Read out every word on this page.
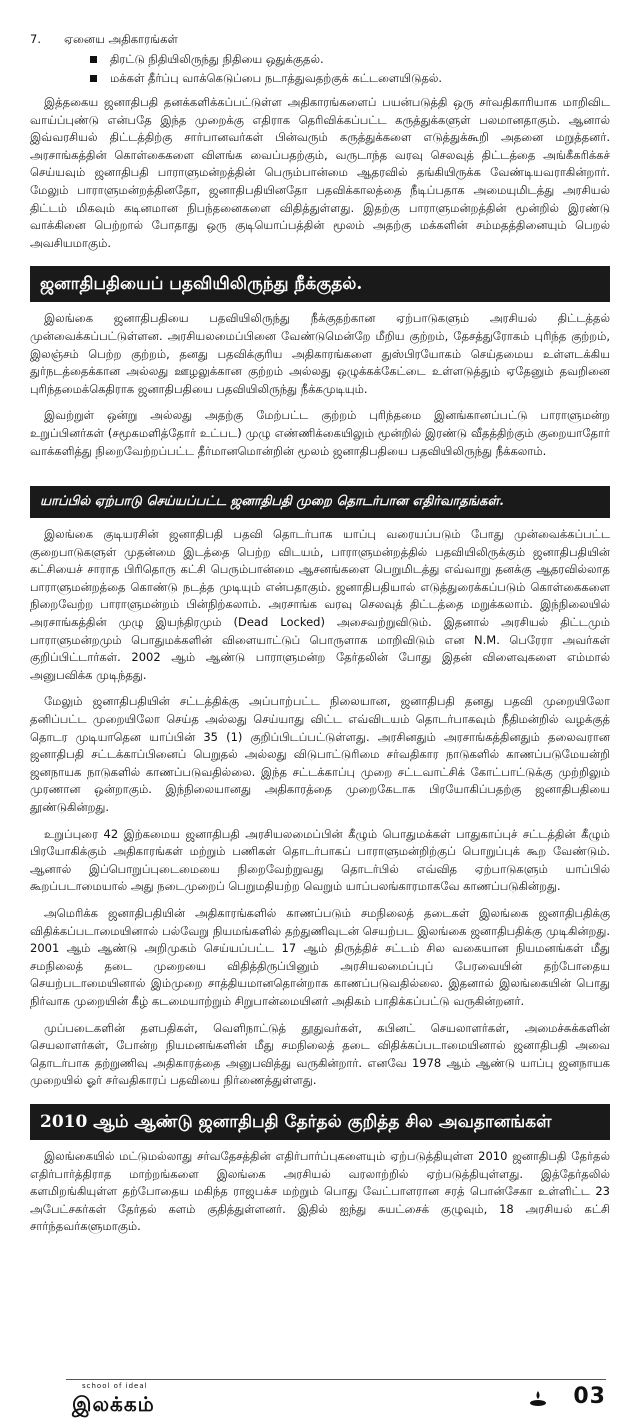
7.	ஏனைய அதிகாரங்கள்
திரட்டு நிதியிலிருந்து நிதியை ஒதுக்குதல்.
மக்கள் தீர்ப்பு வாக்கெடுப்பை நடாத்துவதற்குக் கட்டளையிடுதல்.

இத்தகைய ஜனாதிபதி தனக்களிக்கப்பட்டுள்ள அதிகாரங்களைப் பயன்படுத்தி ஒரு சர்வதிகாரியாக மாறிவிட வாய்ப்புண்டு என்பதே இந்த முறைக்கு எதிராக தெரிவிக்கப்பட்ட கருத்துக்களுள் பலமானதாகும். ஆனால் இவ்வரசியல் திட்டத்திற்கு சார்பானவர்கள் பின்வரும் கருத்துக்களை எடுத்துக்கூறி அதனை மறுத்தனர். அரசாங்கத்தின் கொள்கைகளை விளங்க வைப்பதற்கும், வருடாந்த வரவு செலவுத் திட்டத்தை அங்கீகரிக்கச் செய்யவும் ஜனாதிபதி பாராளுமன்றத்தின் பெரும்பான்மை ஆதரவில் தங்கியிருக்க வேண்டியவராகின்றார். மேலும் பாராளுமன்றத்தினதோ, ஜனாதிபதியினதோ பதவிக்காலத்தை நீடிப்பதாக அமையுமிடத்து அரசியல் திட்டம் மிகவும் கடினமான நிபந்தனைகளை விதித்துள்ளது. இதற்கு பாராளுமன்றத்தின் மூன்றில் இரண்டு வாக்கினை பெற்றால் போதாது ஒரு குடியொப்பத்தின் மூலம் அதற்கு மக்களின் சம்மதத்தினையும் பெறல் அவசியமாகும்.

ஜனாதிபதியைப் பதவியிலிருந்து நீக்குதல்.

இலங்கை ஜனாதிபதியை பதவியிலிருந்து நீக்குதற்கான ஏற்பாடுகளும் அரசியல் திட்டத்தல் முன்வைக்கப்பட்டுள்ளன. அரசியலமைப்பினை வேண்டுமென்றே மீறிய குற்றம், தேசத்துரோகம் புரிந்த குற்றம், இலஞ்சம் பெற்ற குற்றம், தனது பதவிக்குரிய அதிகாரங்களை துஸ்பிரயோகம் செய்தமைய உள்ளடக்கிய துர்நடத்தைக்கான அல்லது ஊழலுக்கான குற்றம் அல்லது ஒழுக்கக்கேட்டை உள்ளடுத்தும் ஏதேனும் தவறினை புரிந்தமைக்கெதிராக ஜனாதிபதியை பதவியிலிருந்து நீக்கமுடியும்.

இவற்றுள் ஒன்று அல்லது அதற்கு மேற்பட்ட குற்றம் புரிந்தமை இனங்கானப்பட்டு பாராளுமன்ற உறுப்பினர்கள் (சமூகமளித்தோர் உட்பட) முழு எண்ணிக்கையிலும் மூன்றில் இரண்டு வீதத்திற்கும் குறையாதோர் வாக்களித்து நிறைவேற்றப்பட்ட தீர்மானமொன்றின் மூலம் ஜனாதிபதியை பதவியிலிருந்து நீக்கலாம்.

யாப்பில் ஏற்பாடு செய்யப்பட்ட ஜனாதிபதி முறை தொடர்பான எதிர்வாதங்கள்.

இலங்கை குடியரசின் ஜனாதிபதி பதவி தொடர்பாக யாப்பு வரையப்படும் போது முன்வைக்கப்பட்ட குறைபாடுகளுள் முதன்மை இடத்தை பெற்ற விடயம், பாராளுமன்றத்தில் பதவியிலிருக்கும் ஜனாதிபதியின் கட்சியைச் சாராத பிரிதொரு கட்சி பெரும்பான்மை ஆசனங்களை பெறுமிடத்து எவ்வாறு தனக்கு ஆதரவில்லாத பாராளுமன்றத்தை கொண்டு நடத்த முடியும் என்பதாகும். ஜனாதிபதியால் எடுத்துரைக்கப்படும் கொள்கைகளை நிறைவேற்ற பாராளுமன்றம் பின்நிற்கலாம். அரசாங்க வரவு செலவுத் திட்டத்தை மறுக்கலாம். இந்நிலையில் அரசாங்கத்தின் முழு இயந்திரமும் (Dead Locked) அசைவற்றுவிடும். இதனால் அரசியல் திட்டமும் பாராளுமன்றமும் பொதுமக்களின் விளையாட்டுப் பொருளாக மாறிவிடும் என N.M. பெரேரா அவர்கள் குறிப்பிட்டார்கள். 2002 ஆம் ஆண்டு பாராளுமன்ற தேர்தலின் போது இதன் விளைவுகளை எம்மால் அனுபவிக்க முடிந்தது.

மேலும் ஜனாதிபதியின் சட்டத்திக்கு அப்பாற்பட்ட நிலையான, ஜனாதிபதி தனது பதவி முறையிலோ தனிப்பட்ட முறையிலோ செய்த அல்லது செய்யாது விட்ட எவ்விடயம் தொடர்பாகவும் நீதிமன்றில் வழக்குத் தொடர முடியாதென யாப்பின் 35 (1) குறிப்பிடப்பட்டுள்ளது. அரசினதும் அரசாங்கத்தினதும் தலைவரான ஜனாதிபதி சட்டக்காப்பினைப் பெறுதல் அல்லது விடுபாட்டுரிமை சர்வதிகார நாடுகளில் காணப்படுமேயன்றி ஜனநாயக நாடுகளில் காணப்படுவதில்லை. இந்த சட்டக்காப்பு முறை சட்டவாட்சிக் கோட்பாட்டுக்கு முற்றிலும் முரணான ஒன்றாகும். இந்நிலையானது அதிகாரத்தை முறைகேடாக பிரயோகிப்பதற்கு ஜனாதிபதியை தூண்டுகின்றது.

உறுப்புரை 42 இற்கமைய ஜனாதிபதி அரசியலமைப்பின் கீழும் பொதுமக்கள் பாதுகாப்புச் சட்டத்தின் கீழும் பிரயோகிக்கும் அதிகாரங்கள் மற்றும் பணிகள் தொடர்பாகப் பாராளுமன்றிற்குப் பொறுப்புக் கூற வேண்டும். ஆனால் இப்பொறுப்புடைமையை நிறைவேற்றுவது தொடர்பில் எவ்வித ஏற்பாடுகளும் யாப்பில் கூறப்படாமையால் அது நடைமுறைப் பெறுமதியற்ற வெறும் யாப்பலங்காரமாகவே காணப்படுகின்றது.

அமெரிக்க ஜனாதிபதியின் அதிகாரங்களில் காணப்படும் சமநிலைத் தடைகள் இலங்கை ஜனாதிபதிக்கு விதிக்கப்படாமையினால் பல்வேறு நியமங்களில் தற்துணிவுடன் செயற்பட இலங்கை ஜனாதிபதிக்கு முடிகின்றது. 2001 ஆம் ஆண்டு அறிமுகம் செய்யப்பட்ட 17 ஆம் திருத்திச் சட்டம் சில வகையான நியமனங்கள் மீது சமநிலைத் தடை முறையை விதித்திருப்பினும் அரசியலமைப்புப் பேரவையின் தற்போதைய செயற்படாமையினால் இம்முறை சாத்தியமானதொன்றாக காணப்படுவதில்லை. இதனால் இலங்கையின் பொது நிர்வாக முறையின் கீழ் கடமையாற்றும் சிறுபான்மையினர் அதிகம் பாதிக்கப்பட்டு வருகின்றனர்.

முப்படைகளின் தளபதிகள், வெளிநாட்டுத் தூதுவர்கள், கபினட் செயலாளர்கள், அமைச்சுக்களின் செயலாளர்கள், போன்ற நியமனங்களின் மீது சமநிலைத் தடை விதிக்கப்படாமையினால் ஜனாதிபதி அவை தொடர்பாக தற்றுணிவு அதிகாரத்தை அனுபவித்து வருகின்றார். எனவே 1978 ஆம் ஆண்டு யாப்பு ஜனநாயக முறையில் ஓர் சர்வதிகாரப் பதவியை நிர்ணைத்துள்ளது.

2010 ஆம் ஆண்டு ஜனாதிபதி தேர்தல் குறித்த சில அவதானங்கள்

இலங்கையில் மட்டுமல்லாது சர்வதேசத்தின் எதிர்பார்ப்புகளையும் ஏற்படுத்தியுள்ள 2010 ஜனாதிபதி தேர்தல் எதிர்பார்த்திராத மாற்றங்களை இலங்கை அரசியல் வரலாற்றில் ஏற்படுத்தியுள்ளது. இத்தேர்தலில் களமிறங்கியுள்ள தற்போதைய மகிந்த ராஜபக்ச மற்றும் பொது வேட்பாளரான சரத் பொன்சேகா உள்ளிட்ட 23 அபேட்சகர்கள் தேர்தல் களம் குதித்துள்ளனர். இதில் ஐந்து சுயட்சைக் குழுவும், 18 அரசியல் கட்சி சார்ந்தவர்களுமாகும்.

school of ideal
இலக்கம்	03
